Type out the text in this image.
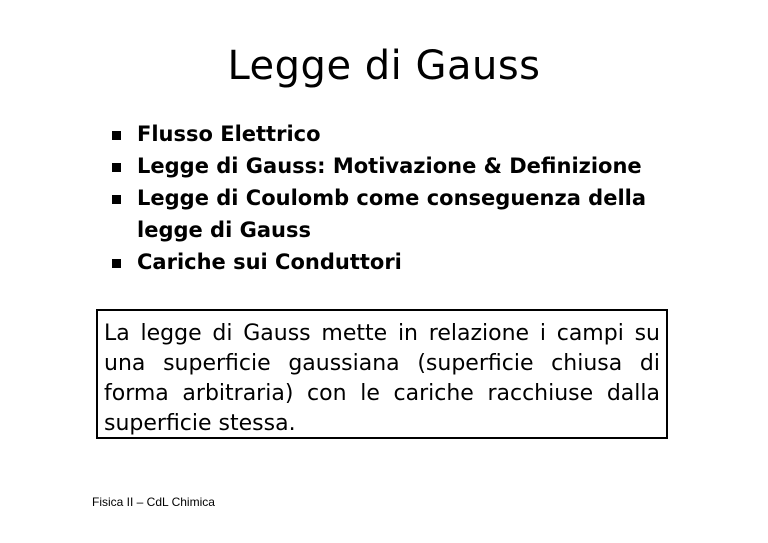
Legge di Gauss
Flusso Elettrico
Legge di Gauss: Motivazione & Definizione
Legge di Coulomb come conseguenza della
legge di Gauss
Cariche sui Conduttori
La legge di Gauss mette in relazione i campi su una superficie gaussiana (superficie chiusa di forma arbitraria) con le cariche racchiuse dalla superficie stessa.
Fisica II – CdL Chimica
